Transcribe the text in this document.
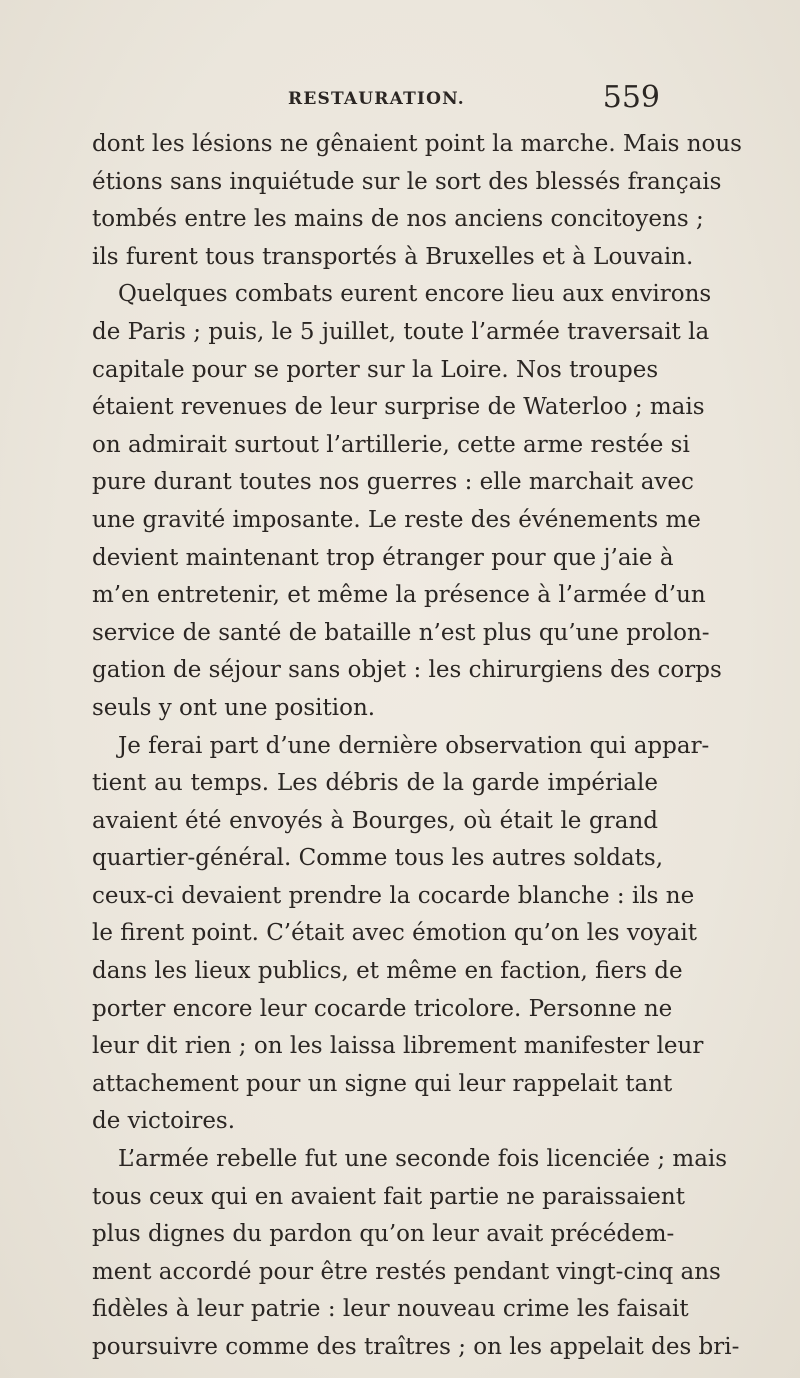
RESTAURATION.	559
dont les lésions ne gênaient point la marche. Mais nous
étions sans inquiétude sur le sort des blessés français
tombés entre les mains de nos anciens concitoyens ;
ils furent tous transportés à Bruxelles et à Louvain.
Quelques combats eurent encore lieu aux environs
de Paris ; puis, le 5 juillet, toute l’armée traversait la
capitale pour se porter sur la Loire. Nos troupes
étaient revenues de leur surprise de Waterloo ; mais
on admirait surtout l’artillerie, cette arme restée si
pure durant toutes nos guerres : elle marchait avec
une gravité imposante. Le reste des événements me
devient maintenant trop étranger pour que j’aie à
m’en entretenir, et même la présence à l’armée d’un
service de santé de bataille n’est plus qu’une prolon-
gation de séjour sans objet : les chirurgiens des corps
seuls y ont une position.
Je ferai part d’une dernière observation qui appar-
tient au temps. Les débris de la garde impériale
avaient été envoyés à Bourges, où était le grand
quartier-général. Comme tous les autres soldats,
ceux-ci devaient prendre la cocarde blanche : ils ne
le firent point. C’était avec émotion qu’on les voyait
dans les lieux publics, et même en faction, fiers de
porter encore leur cocarde tricolore. Personne ne
leur dit rien ; on les laissa librement manifester leur
attachement pour un signe qui leur rappelait tant
de victoires.
L’armée rebelle fut une seconde fois licenciée ; mais
tous ceux qui en avaient fait partie ne paraissaient
plus dignes du pardon qu’on leur avait précédem-
ment accordé pour être restés pendant vingt-cinq ans
fidèles à leur patrie : leur nouveau crime les faisait
poursuivre comme des traîtres ; on les appelait des bri-
